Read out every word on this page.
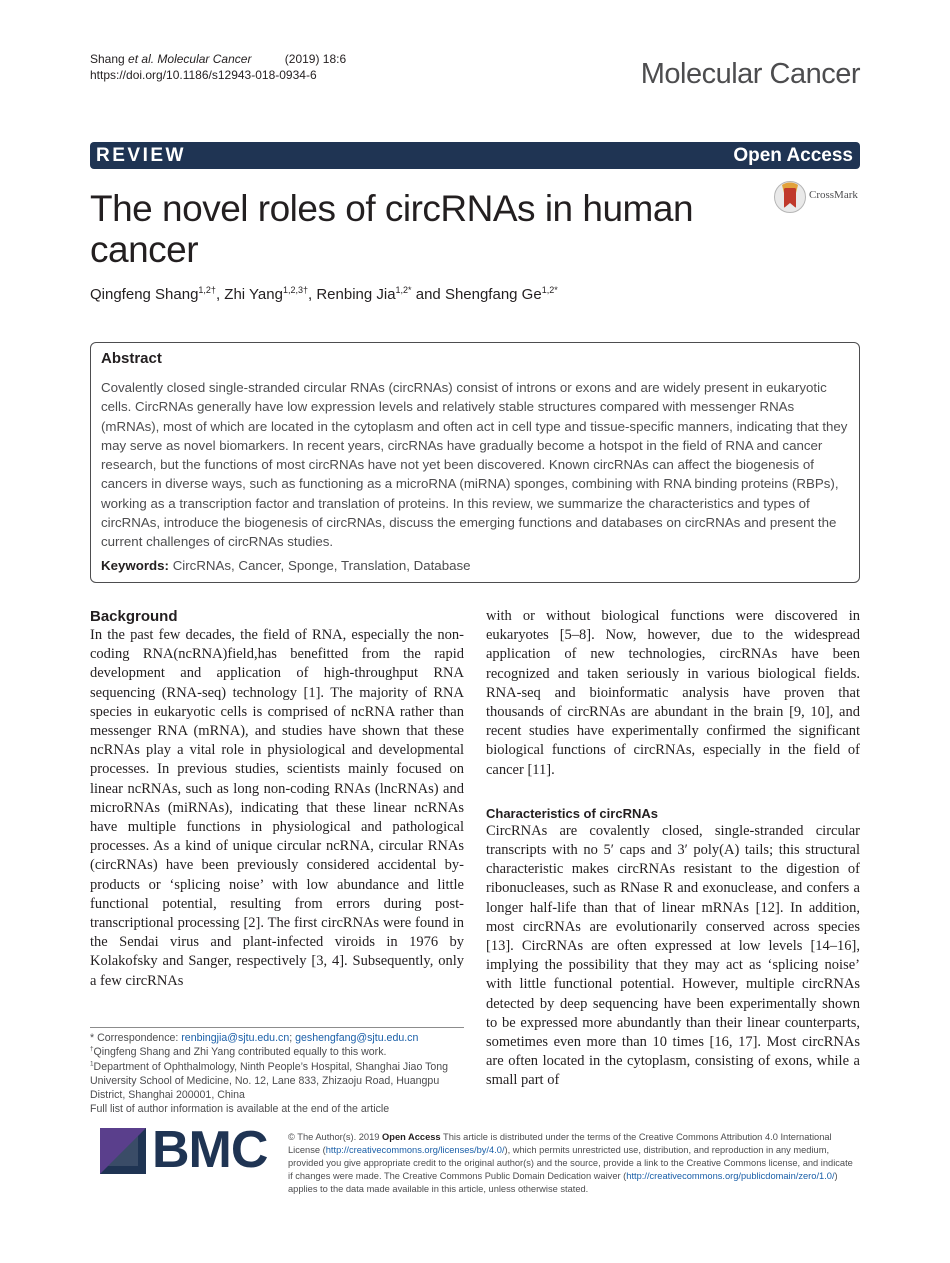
Shang et al. Molecular Cancer	(2019) 18:6
https://doi.org/10.1186/s12943-018-0934-6	Molecular Cancer
REVIEW	Open Access
The novel roles of circRNAs in human cancer
CrossMark
Qingfeng Shang$^{1,2\dagger}$, Zhi Yang$^{1,2,3\dagger}$, Renbing Jia$^{1,2*}$ and Shengfang $Ge^{1,2*}$
Abstract
Covalently closed single-stranded circular RNAs (circRNAs) consist of introns or exons and are widely present in eukaryotic cells. CircRNAs generally have low expression levels and relatively stable structures compared with messenger RNAs (mRNAs), most of which are located in the cytoplasm and often act in cell type and tissue-specific manners, indicating that they may serve as novel biomarkers. In recent years, circRNAs have gradually become a hotspot in the field of RNA and cancer research, but the functions of most circRNAs have not yet been discovered. Known circRNAs can affect the biogenesis of cancers in diverse ways, such as functioning as a microRNA (miRNA) sponges, combining with RNA binding proteins (RBPs), working as a transcription factor and translation of proteins. In this review, we summarize the characteristics and types of circRNAs, introduce the biogenesis of circRNAs, discuss the emerging functions and databases on circRNAs and present the current challenges of circRNAs studies.
Keywords: CircRNAs, Cancer, Sponge, Translation, Database
Background

In the past few decades, the field of RNA, especially the non-coding RNA(ncRNA)field,has benefitted from the rapid development and application of high-throughput RNA sequencing (RNA-seq) technology [1]. The majority of RNA species in eukaryotic cells is comprised of ncRNA rather than messenger RNA (mRNA), and studies have shown that these ncRNAs play a vital role in physiological and developmental processes. In previous studies, scientists mainly focused on linear ncRNAs, such as long non-coding RNAs (lncRNAs) and microRNAs (miRNAs), indicating that these linear ncRNAs have multiple functions in physiological and pathological processes. As a kind of unique circular ncRNA, circular RNAs (circRNAs) have been previously considered accidental by-products or ‘splicing noise’ with low abundance and little functional potential, resulting from errors during post-transcriptional processing [2]. The first circRNAs were found in the Sendai virus and plant-infected viroids in 1976 by Kolakofsky and Sanger, respectively [3, 4]. Subsequently, only a few circRNAs

with or without biological functions were discovered in eukaryotes [5–8]. Now, however, due to the widespread application of new technologies, circRNAs have been recognized and taken seriously in various biological fields. RNA-seq and bioinformatic analysis have proven that thousands of circRNAs are abundant in the brain [9, 10], and recent studies have experimentally confirmed the significant biological functions of circRNAs, especially in the field of cancer [11].

Characteristics of circRNAs

CircRNAs are covalently closed, single-stranded circular transcripts with no 5′ caps and 3′ poly(A) tails; this structural characteristic makes circRNAs resistant to the digestion of ribonucleases, such as RNase R and exonuclease, and confers a longer half-life than that of linear mRNAs [12]. In addition, most circRNAs are evolutionarily conserved across species [13]. CircRNAs are often expressed at low levels [14–16], implying the possibility that they may act as ‘splicing noise’ with little functional potential. However, multiple circRNAs detected by deep sequencing have been experimentally shown to be expressed more abundantly than their linear counterparts, sometimes even more than 10 times [16, 17]. Most circRNAs are often located in the cytoplasm, consisting of exons, while a small part of

* Correspondence: renbingjia@sjtu.edu.cn; geshengfang@sjtu.edu.cn
†Qingfeng Shang and Zhi Yang contributed equally to this work.
$^1$Department of Ophthalmology, Ninth People’s Hospital, Shanghai Jiao Tong University School of Medicine, No. 12, Lane 833, Zhizaoju Road, Huangpu District, Shanghai 200001, China
Full list of author information is available at the end of the article
BMC © The Author(s). 2019 Open Access This article is distributed under the terms of the Creative Commons Attribution 4.0 International License (http://creativecommons.org/licenses/by/4.0/), which permits unrestricted use, distribution, and reproduction in any medium, provided you give appropriate credit to the original author(s) and the source, provide a link to the Creative Commons license, and indicate if changes were made. The Creative Commons Public Domain Dedication waiver (http://creativecommons.org/publicdomain/zero/1.0/) applies to the data made available in this article, unless otherwise stated.
